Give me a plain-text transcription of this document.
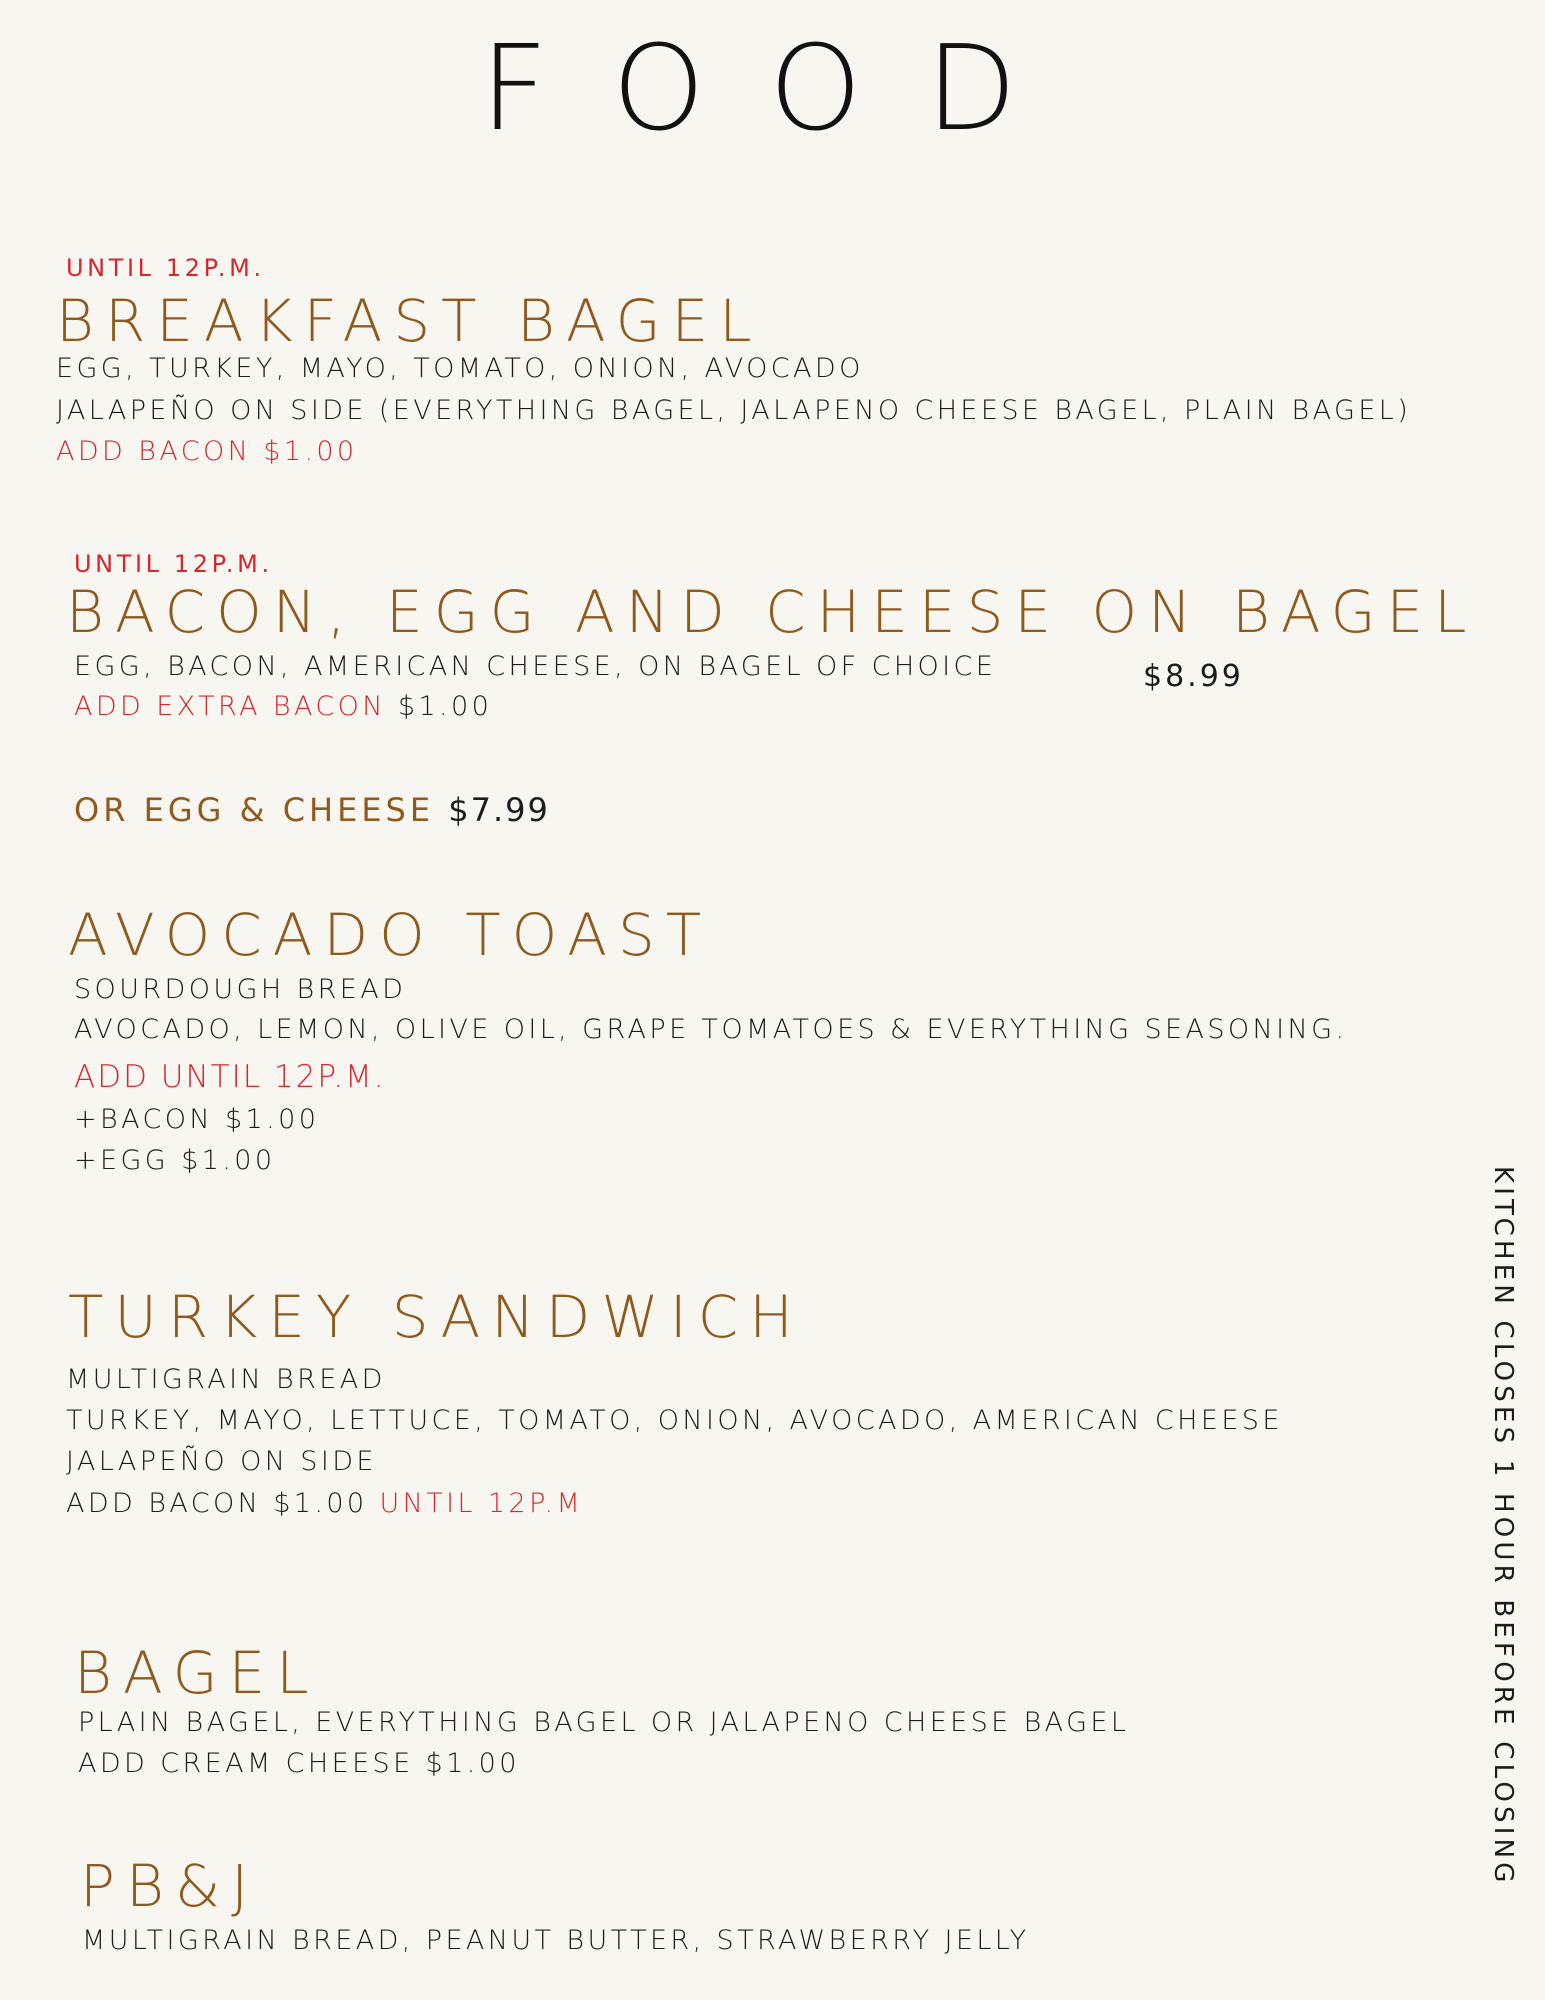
FOOD
UNTIL 12P.M.
BREAKFAST BAGEL
EGG, TURKEY, MAYO, TOMATO, ONION, AVOCADO
JALAPEÑO ON SIDE (EVERYTHING BAGEL, JALAPENO CHEESE BAGEL, PLAIN BAGEL)
ADD BACON $1.00
UNTIL 12P.M.
BACON, EGG AND CHEESE ON BAGEL
EGG, BACON, AMERICAN CHEESE, ON BAGEL OF CHOICE	$8.99
ADD EXTRA BACON $1.00
OR EGG & CHEESE $7.99
AVOCADO TOAST
SOURDOUGH BREAD
AVOCADO, LEMON, OLIVE OIL, GRAPE TOMATOES & EVERYTHING SEASONING.
ADD UNTIL 12P.M.
+BACON $1.00
+EGG $1.00
TURKEY SANDWICH
MULTIGRAIN BREAD
TURKEY, MAYO, LETTUCE, TOMATO, ONION, AVOCADO, AMERICAN CHEESE
JALAPEÑO ON SIDE
ADD BACON $1.00 UNTIL 12P.M
BAGEL
PLAIN BAGEL, EVERYTHING BAGEL OR JALAPENO CHEESE BAGEL
ADD CREAM CHEESE $1.00
PB&J
MULTIGRAIN BREAD, PEANUT BUTTER, STRAWBERRY JELLY
KITCHEN CLOSES 1 HOUR BEFORE CLOSING
